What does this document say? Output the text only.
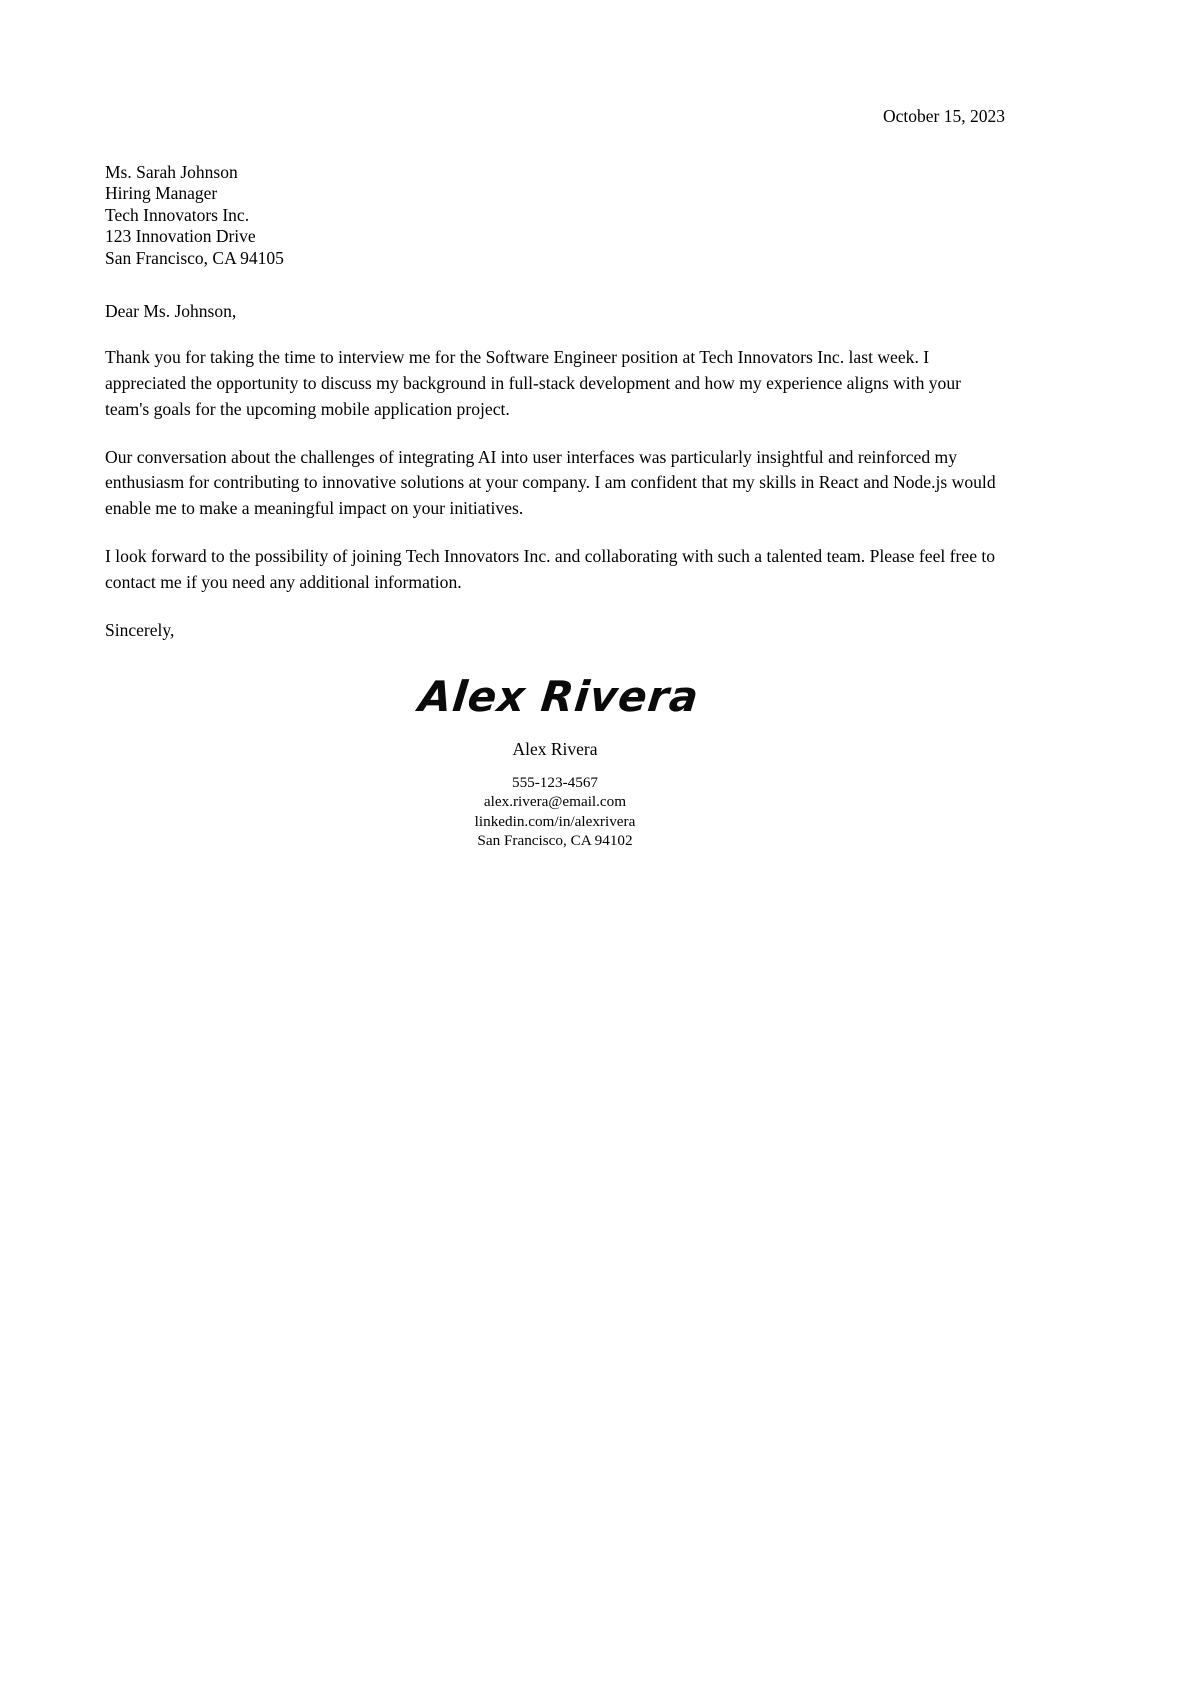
October 15, 2023
Ms. Sarah Johnson
Hiring Manager
Tech Innovators Inc.
123 Innovation Drive
San Francisco, CA 94105
Dear Ms. Johnson,
Thank you for taking the time to interview me for the Software Engineer position at Tech Innovators Inc. last week. I appreciated the opportunity to discuss my background in full-stack development and how my experience aligns with your team's goals for the upcoming mobile application project.
Our conversation about the challenges of integrating AI into user interfaces was particularly insightful and reinforced my enthusiasm for contributing to innovative solutions at your company. I am confident that my skills in React and Node.js would enable me to make a meaningful impact on your initiatives.
I look forward to the possibility of joining Tech Innovators Inc. and collaborating with such a talented team. Please feel free to contact me if you need any additional information.
Sincerely,
Alex Rivera
Alex Rivera
555-123-4567
alex.rivera@email.com
linkedin.com/in/alexrivera
San Francisco, CA 94102
